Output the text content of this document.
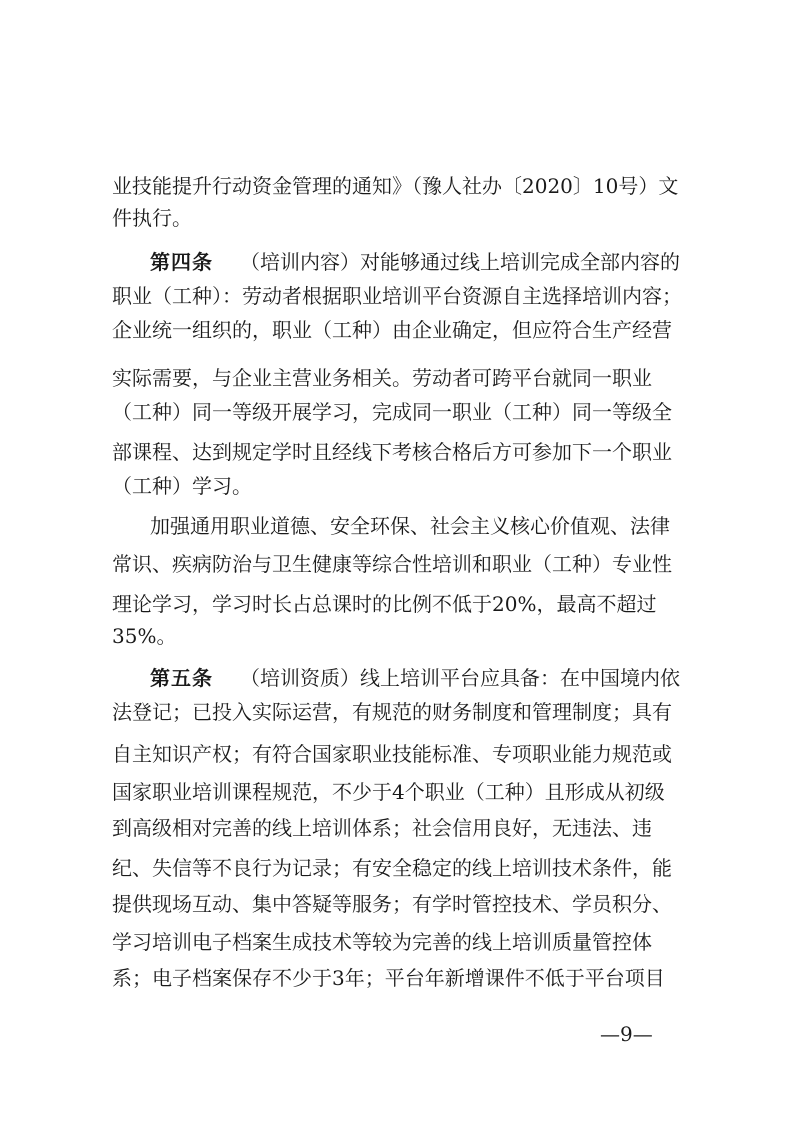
业技能提升行动资金管理的通知》（豫人社办〔2020〕10号）文
件执行。
第四条	（培训内容）对能够通过线上培训完成全部内容的
职业（工种）：劳动者根据职业培训平台资源自主选择培训内容；
企业统一组织的，职业（工种）由企业确定，但应符合生产经营
实际需要，与企业主营业务相关。劳动者可跨平台就同一职业
（工种）同一等级开展学习，完成同一职业（工种）同一等级全
部课程、达到规定学时且经线下考核合格后方可参加下一个职业
（工种）学习。
加强通用职业道德、安全环保、社会主义核心价值观、法律
常识、疾病防治与卫生健康等综合性培训和职业（工种）专业性
理论学习，学习时长占总课时的比例不低于20%，最高不超过
35%。
第五条	（培训资质）线上培训平台应具备：在中国境内依
法登记；已投入实际运营，有规范的财务制度和管理制度；具有
自主知识产权；有符合国家职业技能标准、专项职业能力规范或
国家职业培训课程规范，不少于4个职业（工种）且形成从初级
到高级相对完善的线上培训体系；社会信用良好，无违法、违
纪、失信等不良行为记录；有安全稳定的线上培训技术条件，能
提供现场互动、集中答疑等服务；有学时管控技术、学员积分、
学习培训电子档案生成技术等较为完善的线上培训质量管控体
系；电子档案保存不少于3年；平台年新增课件不低于平台项目
—9—
